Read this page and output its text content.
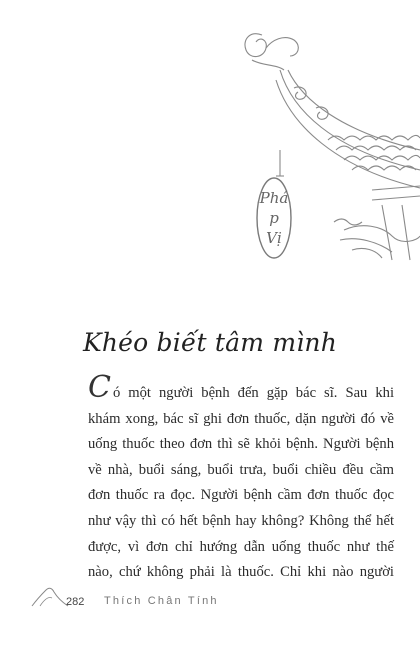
Phá
p
Vị
Khéo biết tâm mình
Có một người bệnh đến gặp bác sĩ. Sau khi
khám xong, bác sĩ ghi đơn thuốc, dặn người đó về
uống thuốc theo đơn thì sẽ khỏi bệnh. Người bệnh
về nhà, buổi sáng, buổi trưa, buổi chiều đều cầm
đơn thuốc ra đọc. Người bệnh cầm đơn thuốc đọc
như vậy thì có hết bệnh hay không? Không thể hết
được, vì đơn chỉ hướng dẫn uống thuốc như thế
nào, chứ không phải là thuốc. Chỉ khi nào người
282 Thích Chân Tính
